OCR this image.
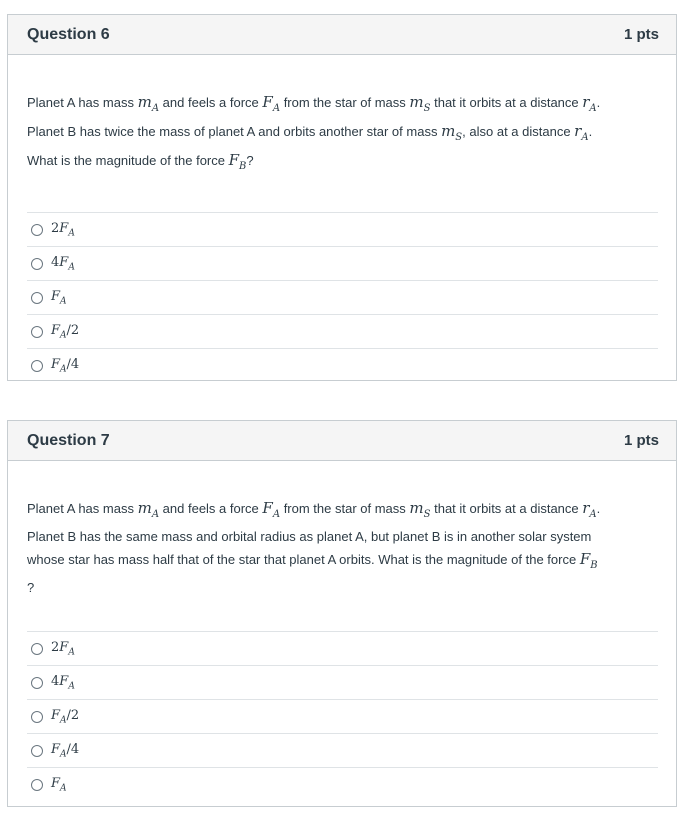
Question 6	1 pts
Planet A has mass $m_A$ and feels a force $F_A$ from the star of mass $m_S$ that it orbits at a distance $r_A$.
Planet B has twice the mass of planet A and orbits another star of mass $m_S$, also at a distance $r_A$.
What is the magnitude of the force $F_B$?
$2F_A$
$4F_A$
$F_A$
$F_A/2$
$F_A/4$
Question 7	1 pts
Planet A has mass $m_A$ and feels a force $F_A$ from the star of mass $m_S$ that it orbits at a distance $r_A$.
Planet B has the same mass and orbital radius as planet A, but planet B is in another solar system
whose star has mass half that of the star that planet A orbits. What is the magnitude of the force $F_B$
?
$2F_A$
$4F_A$
$F_A/2$
$F_A/4$
$F_A$
